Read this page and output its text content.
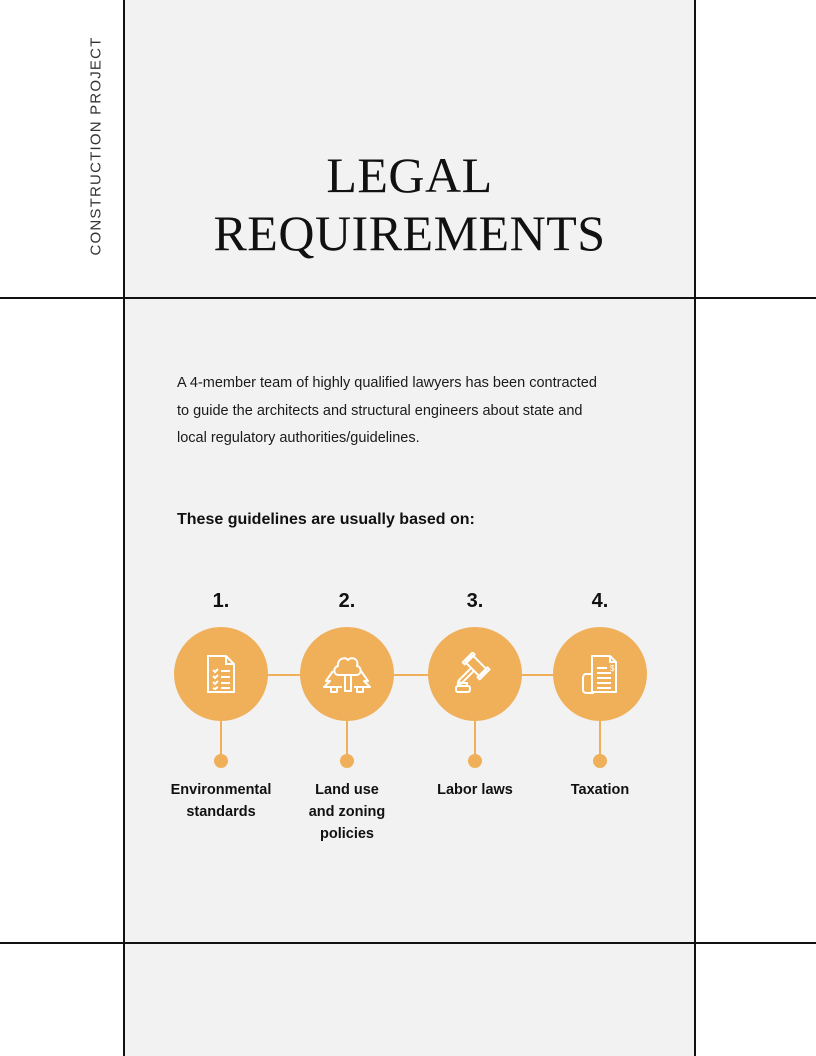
CONSTRUCTION PROJECT	LEGAL
REQUIREMENTS
A 4-member team of highly qualified lawyers has been contracted
to guide the architects and structural engineers about state and
local regulatory authorities/guidelines.
These guidelines are usually based on:
1.
Environmental
standards
2.
Land use
and zoning
policies
3.
Labor laws
4.
$
Taxation
